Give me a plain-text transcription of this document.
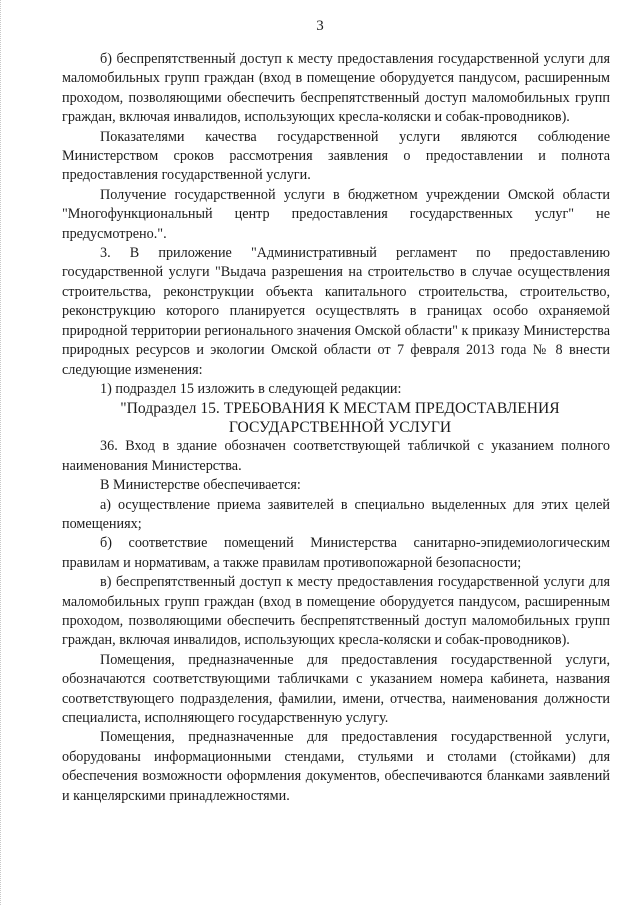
3

б) беспрепятственный доступ к месту предоставления государственной услуги для маломобильных групп граждан (вход в помещение оборудуется пандусом, расширенным проходом, позволяющими обеспечить беспрепятственный доступ маломобильных групп граждан, включая инвалидов, использующих кресла-коляски и собак-проводников).

Показателями качества государственной услуги являются соблюдение Министерством сроков рассмотрения заявления о предоставлении и полнота предоставления государственной услуги.

Получение государственной услуги в бюджетном учреждении Омской области "Многофункциональный центр предоставления государственных услуг" не предусмотрено.".

3. В приложение "Административный регламент по предоставлению государственной услуги "Выдача разрешения на строительство в случае осуществления строительства, реконструкции объекта капитального строительства, строительство, реконструкцию которого планируется осуществлять в границах особо охраняемой природной территории регионального значения Омской области" к приказу Министерства природных ресурсов и экологии Омской области от 7 февраля 2013 года № 8 внести следующие изменения:

1) подраздел 15 изложить в следующей редакции:

"Подраздел 15. ТРЕБОВАНИЯ К МЕСТАМ ПРЕДОСТАВЛЕНИЯ

ГОСУДАРСТВЕННОЙ УСЛУГИ

36. Вход в здание обозначен соответствующей табличкой с указанием полного наименования Министерства.

В Министерстве обеспечивается:

а) осуществление приема заявителей в специально выделенных для этих целей помещениях;

б) соответствие помещений Министерства санитарно-эпидемиологическим правилам и нормативам, а также правилам противопожарной безопасности;

в) беспрепятственный доступ к месту предоставления государственной услуги для маломобильных групп граждан (вход в помещение оборудуется пандусом, расширенным проходом, позволяющими обеспечить беспрепятственный доступ маломобильных групп граждан, включая инвалидов, использующих кресла-коляски и собак-проводников).

Помещения, предназначенные для предоставления государственной услуги, обозначаются соответствующими табличками с указанием номера кабинета, названия соответствующего подразделения, фамилии, имени, отчества, наименования должности специалиста, исполняющего государственную услугу.

Помещения, предназначенные для предоставления государственной услуги, оборудованы информационными стендами, стульями и столами (стойками) для обеспечения возможности оформления документов, обеспечиваются бланками заявлений и канцелярскими принадлежностями.
